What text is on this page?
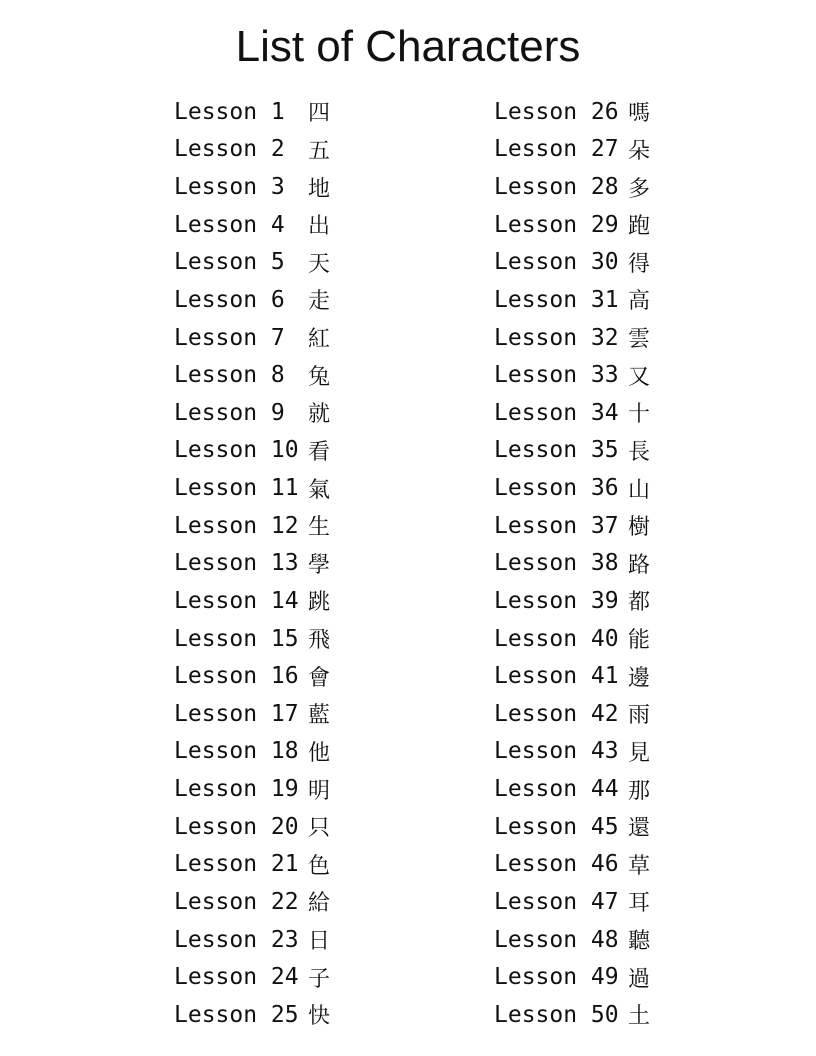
List of Characters
Lesson 1	四
Lesson 2	五
Lesson 3	地
Lesson 4	出
Lesson 5	天
Lesson 6	走
Lesson 7	紅
Lesson 8	兔
Lesson 9	就
Lesson 10 看
Lesson 11 氣
Lesson 12 生
Lesson 13 學
Lesson 14 跳
Lesson 15 飛
Lesson 16 會
Lesson 17 藍
Lesson 18 他
Lesson 19 明
Lesson 20 只
Lesson 21 色
Lesson 22 給
Lesson 23 日
Lesson 24 子
Lesson 25 快
Lesson 26 嗎
Lesson 27 朵
Lesson 28 多
Lesson 29 跑
Lesson 30 得
Lesson 31 高
Lesson 32 雲
Lesson 33 又
Lesson 34 十
Lesson 35 長
Lesson 36 山
Lesson 37 樹
Lesson 38 路
Lesson 39 都
Lesson 40 能
Lesson 41 邊
Lesson 42 雨
Lesson 43 見
Lesson 44 那
Lesson 45 還
Lesson 46 草
Lesson 47 耳
Lesson 48 聽
Lesson 49 過
Lesson 50 土
